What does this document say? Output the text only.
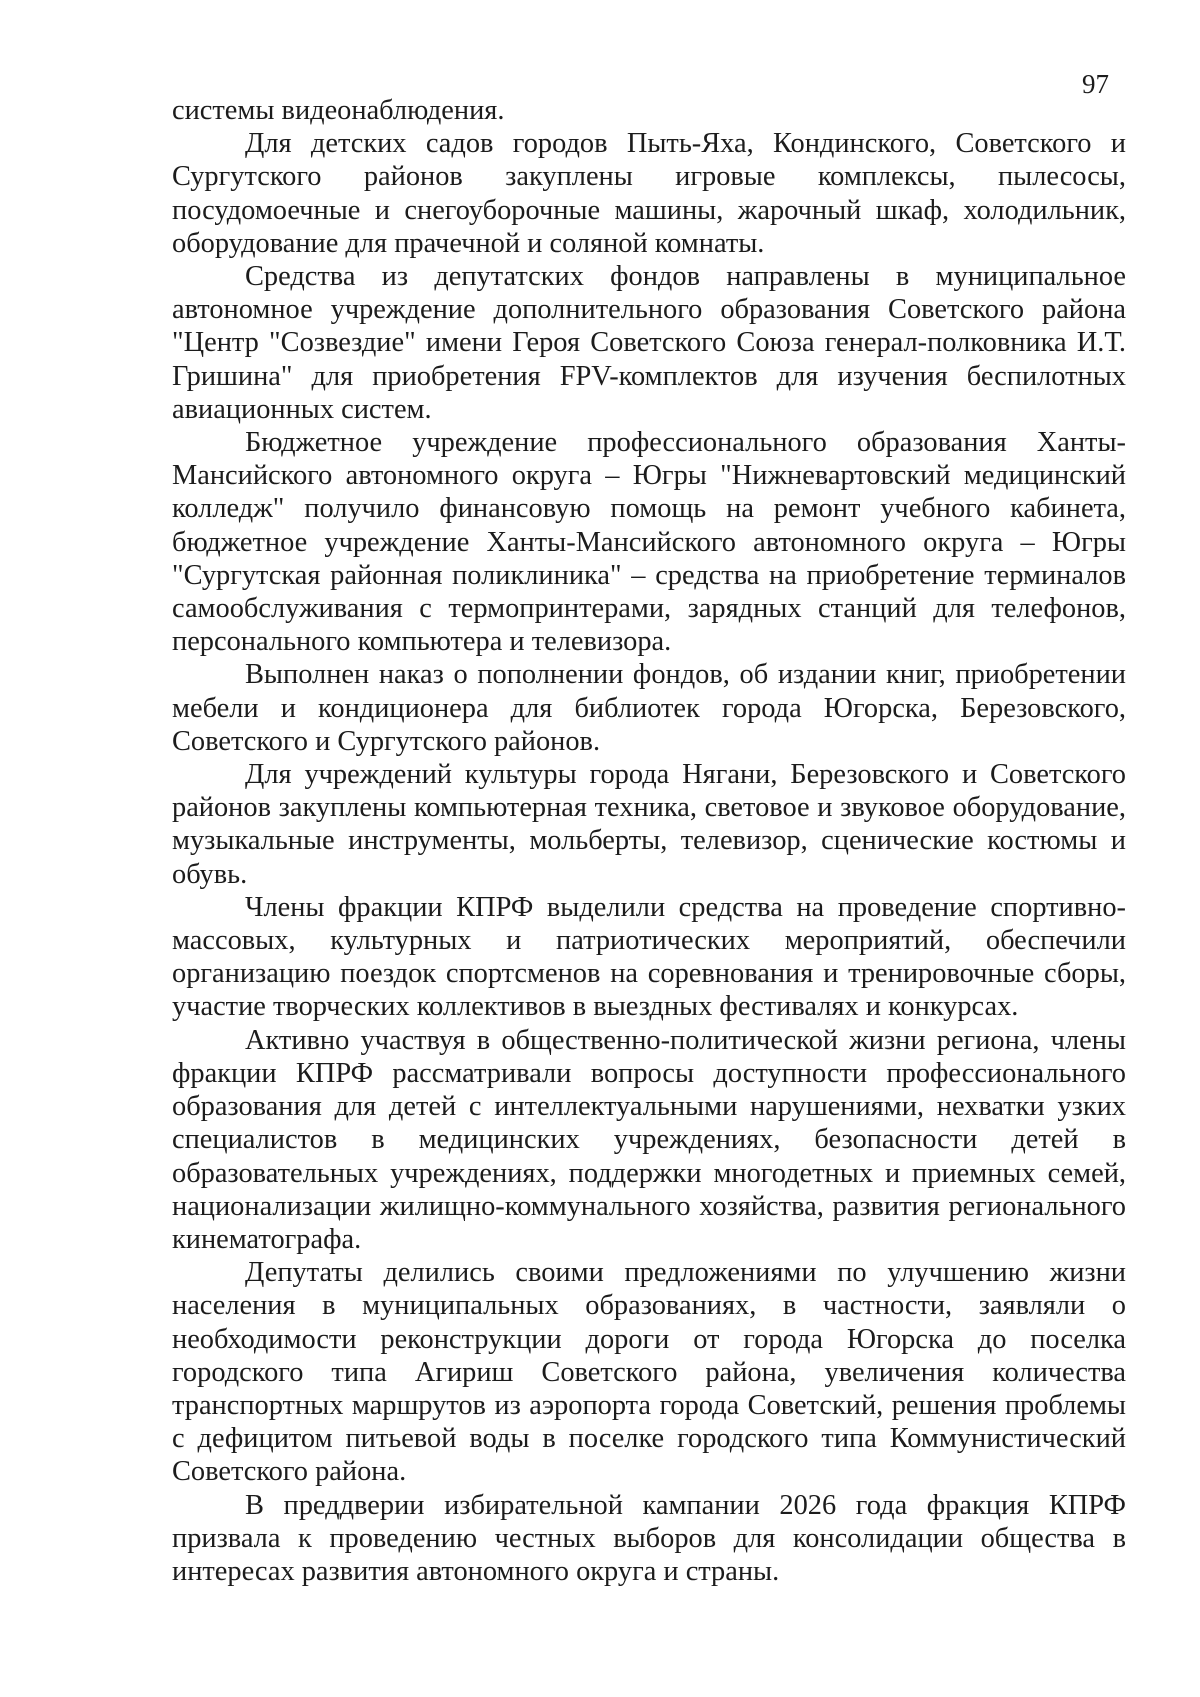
97

системы видеонаблюдения.

Для детских садов городов Пыть-Яха, Кондинского, Советского и Сургутского районов закуплены игровые комплексы, пылесосы, посудомоечные и снегоуборочные машины, жарочный шкаф, холодильник, оборудование для прачечной и соляной комнаты.

Средства из депутатских фондов направлены в муниципальное автономное учреждение дополнительного образования Советского района "Центр "Созвездие" имени Героя Советского Союза генерал-полковника И.Т. Гришина" для приобретения FPV-комплектов для изучения беспилотных авиационных систем.

Бюджетное учреждение профессионального образования Ханты-Мансийского автономного округа – Югры "Нижневартовский медицинский колледж" получило финансовую помощь на ремонт учебного кабинета, бюджетное учреждение Ханты-Мансийского автономного округа – Югры "Сургутская районная поликлиника" – средства на приобретение терминалов самообслуживания с термопринтерами, зарядных станций для телефонов, персонального компьютера и телевизора.

Выполнен наказ о пополнении фондов, об издании книг, приобретении мебели и кондиционера для библиотек города Югорска, Березовского, Советского и Сургутского районов.

Для учреждений культуры города Нягани, Березовского и Советского районов закуплены компьютерная техника, световое и звуковое оборудование, музыкальные инструменты, мольберты, телевизор, сценические костюмы и обувь.

Члены фракции КПРФ выделили средства на проведение спортивно-массовых, культурных и патриотических мероприятий, обеспечили организацию поездок спортсменов на соревнования и тренировочные сборы, участие творческих коллективов в выездных фестивалях и конкурсах.

Активно участвуя в общественно-политической жизни региона, члены фракции КПРФ рассматривали вопросы доступности профессионального образования для детей с интеллектуальными нарушениями, нехватки узких специалистов в медицинских учреждениях, безопасности детей в образовательных учреждениях, поддержки многодетных и приемных семей, национализации жилищно-коммунального хозяйства, развития регионального кинематографа.

Депутаты делились своими предложениями по улучшению жизни населения в муниципальных образованиях, в частности, заявляли о необходимости реконструкции дороги от города Югорска до поселка городского типа Агириш Советского района, увеличения количества транспортных маршрутов из аэропорта города Советский, решения проблемы с дефицитом питьевой воды в поселке городского типа Коммунистический Советского района.

В преддверии избирательной кампании 2026 года фракция КПРФ призвала к проведению честных выборов для консолидации общества в интересах развития автономного округа и страны.
